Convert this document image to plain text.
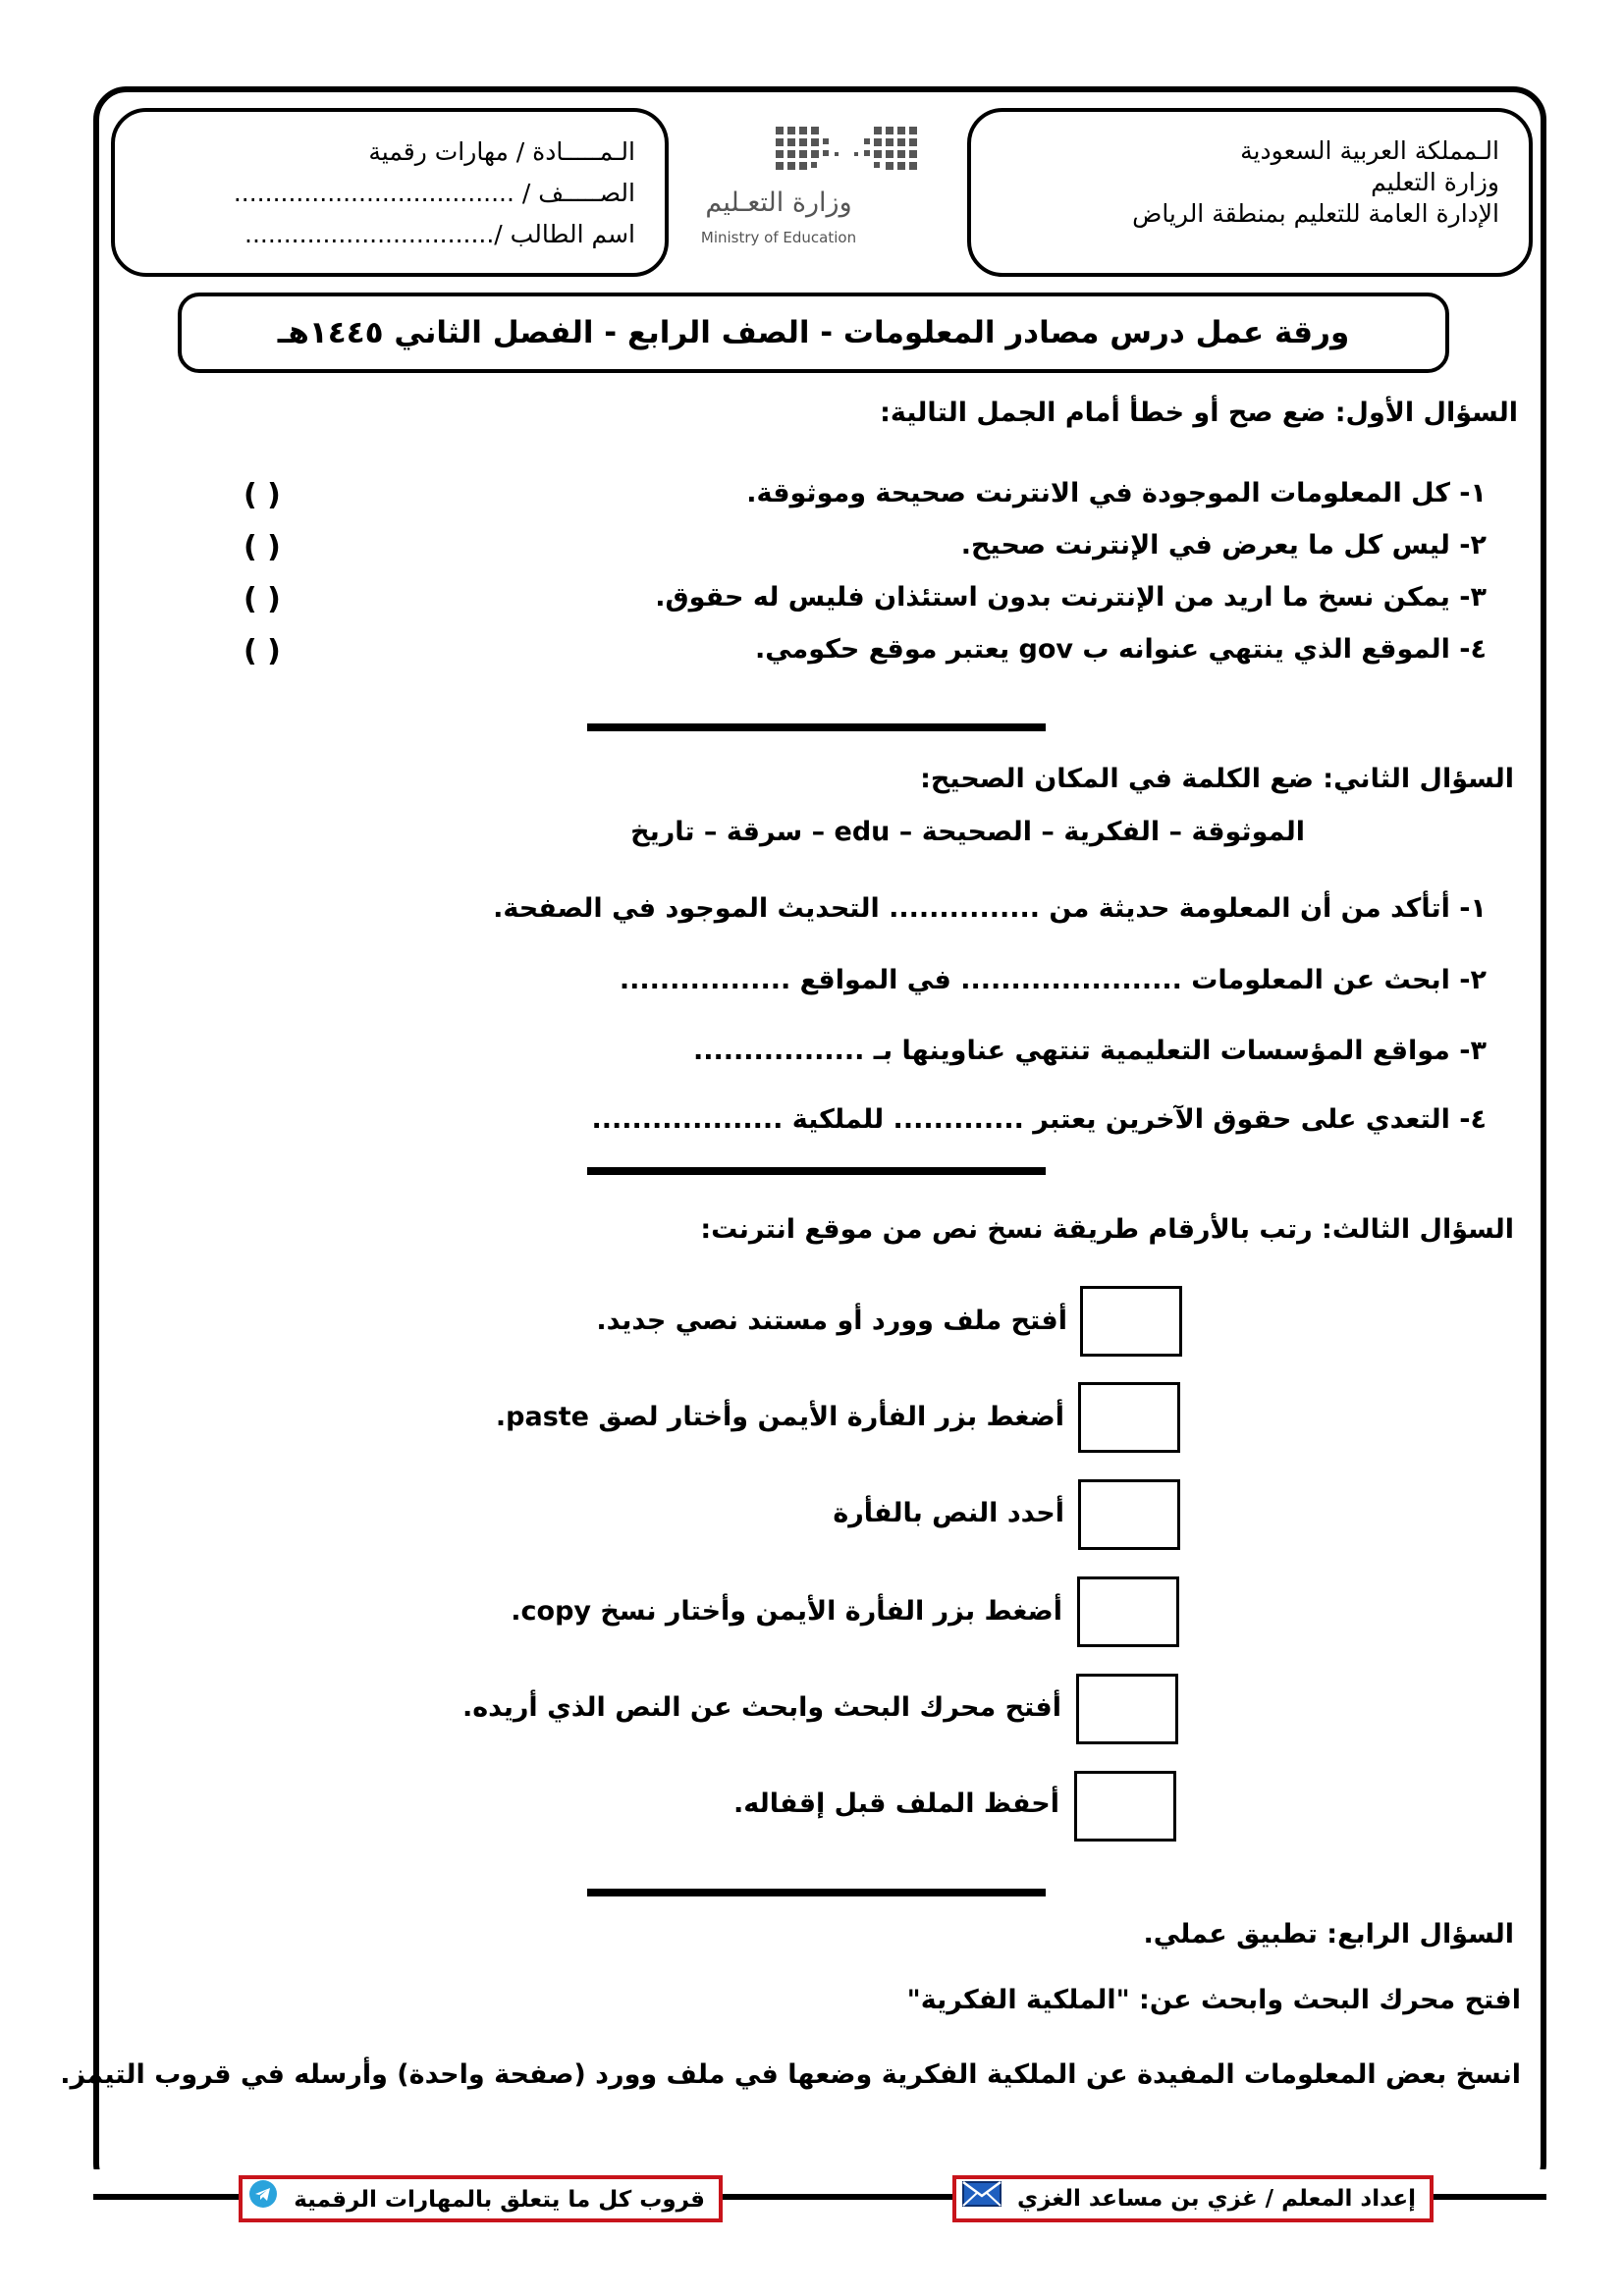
الـمملكة العربية السعودية
وزارة التعليم
الإدارة العامة للتعليم بمنطقة الرياض
وزارة التعـليم
Ministry of Education
الـمـــــادة / مهارات رقمية
الصـــــف / ....................................
اسم الطالب /................................
ورقة عمل درس مصادر المعلومات - الصف الرابع - الفصل الثاني ١٤٤٥هـ
السؤال الأول: ضع صح أو خطأ أمام الجمل التالية:
١- كل المعلومات الموجودة في الانترنت صحيحة وموثوقة.
٢- ليس كل ما يعرض في الإنترنت صحيح.
٣- يمكن نسخ ما اريد من الإنترنت بدون استئذان فليس له حقوق.
٤- الموقع الذي ينتهي عنوانه ب gov يعتبر موقع حكومي.
( )
( )
( )
( )
السؤال الثاني: ضع الكلمة في المكان الصحيح:
الموثوقة – الفكرية – الصحيحة – edu – سرقة – تاريخ
١- أتأكد من أن المعلومة حديثة من ............... التحديث الموجود في الصفحة.
٢- ابحث عن المعلومات ...................... في المواقع .................
٣- مواقع المؤسسات التعليمية تنتهي عناوينها بـ .................
٤- التعدي على حقوق الآخرين يعتبر ............. للملكية ...................
السؤال الثالث: رتب بالأرقام طريقة نسخ نص من موقع انترنت:
أفتح ملف وورد أو مستند نصي جديد.
أضغط بزر الفأرة الأيمن وأختار لصق paste.
أحدد النص بالفأرة
أضغط بزر الفأرة الأيمن وأختار نسخ copy.
أفتح محرك البحث وابحث عن النص الذي أريده.
أحفظ الملف قبل إقفاله.
السؤال الرابع: تطبيق عملي.
افتح محرك البحث وابحث عن: "الملكية الفكرية"
انسخ بعض المعلومات المفيدة عن الملكية الفكرية وضعها في ملف وورد (صفحة واحدة) وأرسله في قروب التيمز.
إعداد المعلم / غزي بن مساعد الغزي
قروب كل ما يتعلق بالمهارات الرقمية
